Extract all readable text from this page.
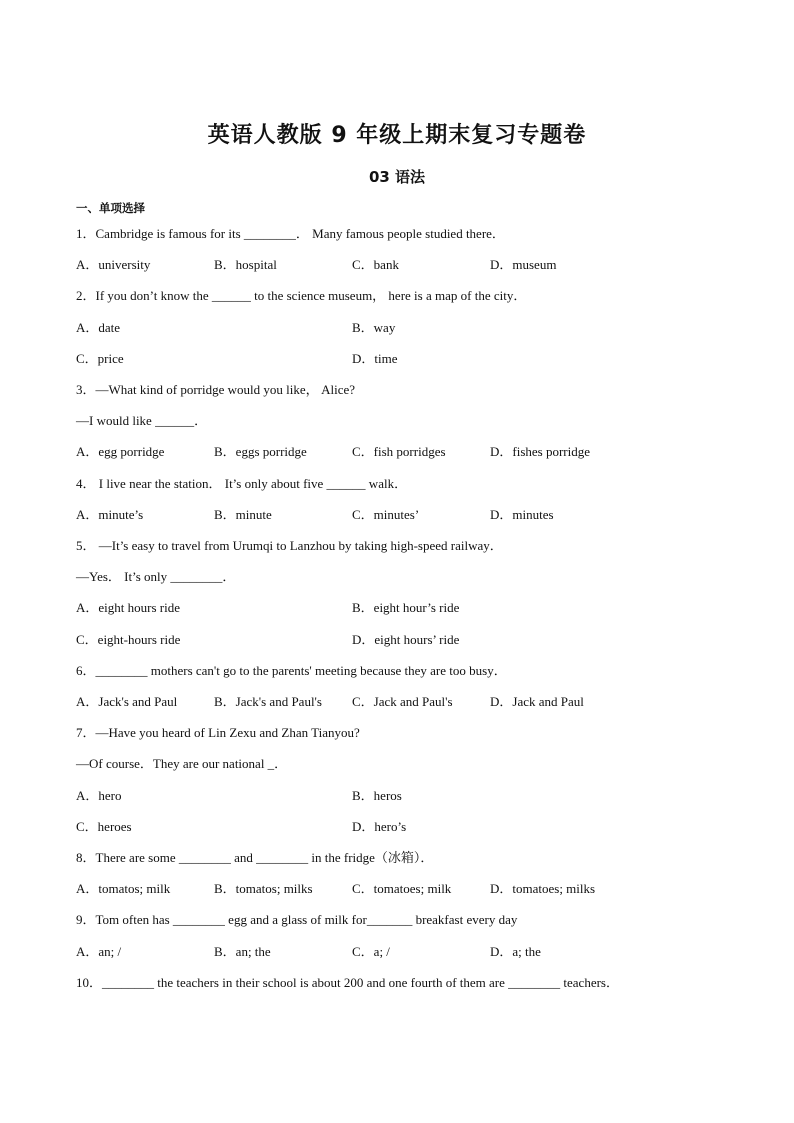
英语人教版 9 年级上期末复习专题卷
03 语法
一、单项选择
1．Cambridge is famous for its ________． Many famous people studied there．
A．university	B．hospital	C．bank	D．museum
2．If you don’t know the ______ to the science museum， here is a map of the city．
A．date	B．way
C．price	D．time
3．—What kind of porridge would you like， Alice?
—I would like ______．
A．egg porridge	B．eggs porridge	C．fish porridges	D．fishes porridge
4． I live near the station． It’s only about five ______ walk．
A．minute’s	B．minute	C．minutes’	D．minutes
5． —It’s easy to travel from Urumqi to Lanzhou by taking high-speed railway．
—Yes． It’s only ________．
A．eight hours ride	B．eight hour’s ride
C．eight-hours ride	D．eight hours’ ride
6．________ mothers can't go to the parents' meeting because they are too busy．
A．Jack's and Paul	B．Jack's and Paul's C．Jack and Paul's	D．Jack and Paul
7．—Have you heard of Lin Zexu and Zhan Tianyou?
—Of course．They are our national _．
A．hero	B．heros
C．heroes	D．hero’s
8．There are some ________ and ________ in the fridge（冰箱）．
A．tomatos; milk	B．tomatos; milks	C．tomatoes; milk	D．tomatoes; milks
9．Tom often has ________ egg and a glass of milk for_______ breakfast every day
A．an; /	B．an; the	C．a; /	D．a; the
10．________ the teachers in their school is about 200 and one fourth of them are ________ teachers．
